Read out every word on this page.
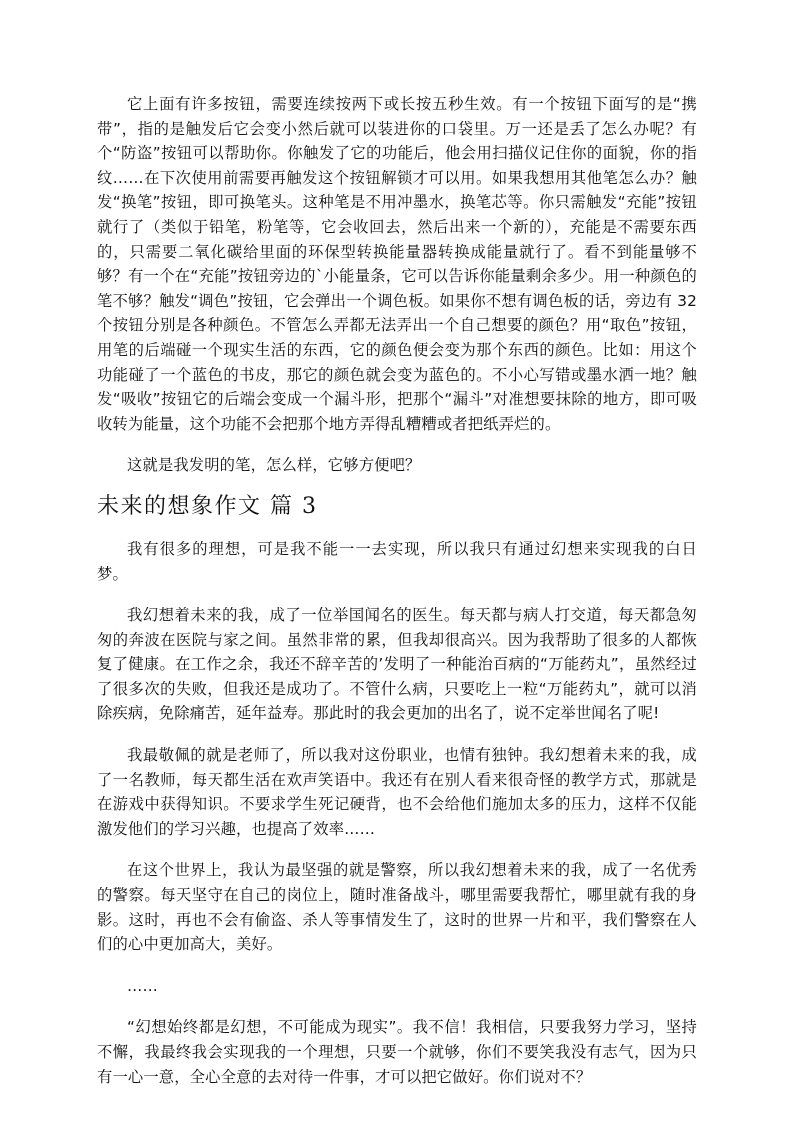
它上面有许多按钮，需要连续按两下或长按五秒生效。有一个按钮下面写的是“携带”，指的是触发后它会变小然后就可以装进你的口袋里。万一还是丢了怎么办呢？有个“防盗”按钮可以帮助你。你触发了它的功能后，他会用扫描仪记住你的面貌，你的指纹……在下次使用前需要再触发这个按钮解锁才可以用。如果我想用其他笔怎么办？触发“换笔”按钮，即可换笔头。这种笔是不用冲墨水，换笔芯等。你只需触发“充能”按钮就行了（类似于铅笔，粉笔等，它会收回去，然后出来一个新的），充能是不需要东西的，只需要二氧化碳给里面的环保型转换能量器转换成能量就行了。看不到能量够不够？有一个在“充能”按钮旁边的`小能量条，它可以告诉你能量剩余多少。用一种颜色的笔不够？触发“调色”按钮，它会弹出一个调色板。如果你不想有调色板的话，旁边有 32 个按钮分别是各种颜色。不管怎么弄都无法弄出一个自己想要的颜色？用“取色”按钮，用笔的后端碰一个现实生活的东西，它的颜色便会变为那个东西的颜色。比如：用这个功能碰了一个蓝色的书皮，那它的颜色就会变为蓝色的。不小心写错或墨水洒一地？触发“吸收”按钮它的后端会变成一个漏斗形，把那个“漏斗”对准想要抹除的地方，即可吸收转为能量，这个功能不会把那个地方弄得乱糟糟或者把纸弄烂的。

这就是我发明的笔，怎么样，它够方便吧？

未来的想象作文 篇 3

我有很多的理想，可是我不能一一去实现，所以我只有通过幻想来实现我的白日梦。

我幻想着未来的我，成了一位举国闻名的医生。每天都与病人打交道，每天都急匆匆的奔波在医院与家之间。虽然非常的累，但我却很高兴。因为我帮助了很多的人都恢复了健康。在工作之余，我还不辞辛苦的’发明了一种能治百病的“万能药丸”，虽然经过了很多次的失败，但我还是成功了。不管什么病，只要吃上一粒“万能药丸”，就可以消除疾病，免除痛苦，延年益寿。那此时的我会更加的出名了，说不定举世闻名了呢!

我最敬佩的就是老师了，所以我对这份职业，也情有独钟。我幻想着未来的我，成了一名教师，每天都生活在欢声笑语中。我还有在别人看来很奇怪的教学方式，那就是在游戏中获得知识。不要求学生死记硬背，也不会给他们施加太多的压力，这样不仅能激发他们的学习兴趣，也提高了效率……

在这个世界上，我认为最坚强的就是警察，所以我幻想着未来的我，成了一名优秀的警察。每天坚守在自己的岗位上，随时准备战斗，哪里需要我帮忙，哪里就有我的身影。这时，再也不会有偷盗、杀人等事情发生了，这时的世界一片和平，我们警察在人们的心中更加高大，美好。

……

“幻想始终都是幻想，不可能成为现实”。我不信！我相信，只要我努力学习，坚持不懈，我最终我会实现我的一个理想，只要一个就够，你们不要笑我没有志气，因为只有一心一意，全心全意的去对待一件事，才可以把它做好。你们说对不？
